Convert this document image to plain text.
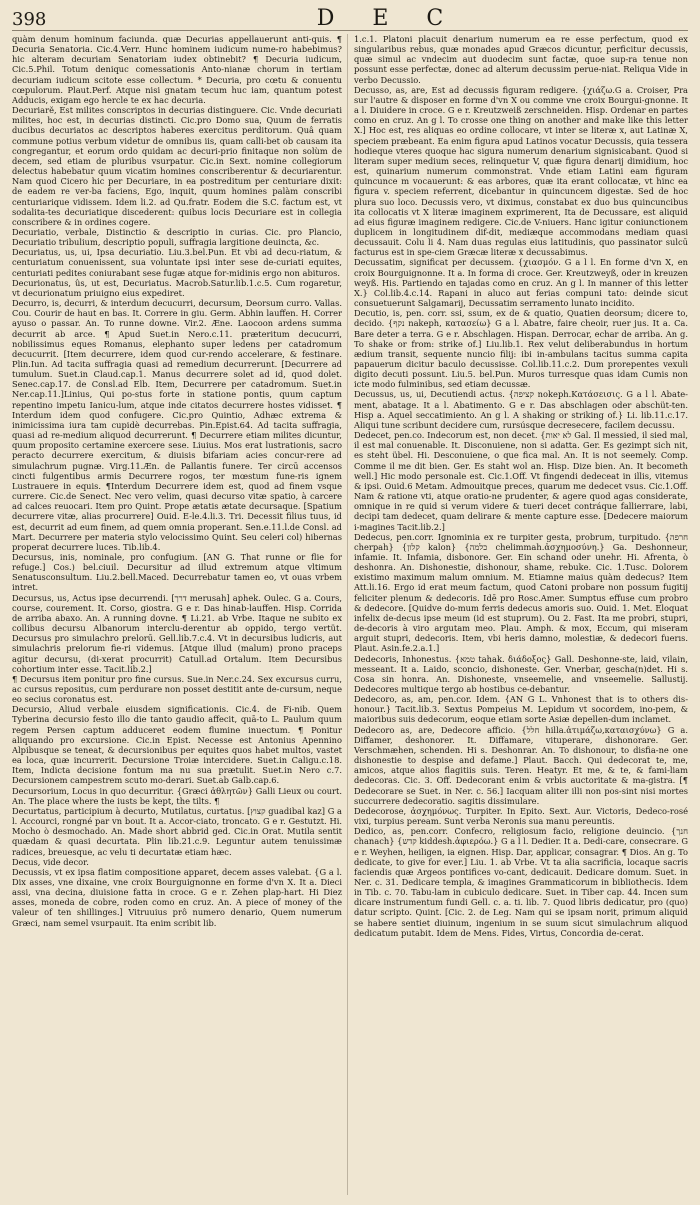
398	DEC

quàm denum hominum faciunda. quæ Decurias appellauerunt anti-quis. ¶ Decuria Senatoria. Cic.4.Verr. Hunc hominem iudicum nume-ro habebimus? hic alteram decuriam Senatoriam iudex obtinebit? ¶ Decuria iudicum, Cic.5.Phil. Totum deniquc comessationis Anto-nianæ chorum in tertiam decuriam iudicum scitote esse collectum. * Decuria, pro cœtu & conuentu cœpulorum. Plaut.Perf. Atque nisi gnatam tecum huc iam, quantum potest Adducis, exigam ego hercle te ex hac decuria.

Decuriarĕ, Est milites conscriptos in decurias distinguere. Cic. Vnde decuriati milites, hoc est, in decurias distincti. Cic.pro Domo sua, Quum de ferratis ducibus decuriatos ac descriptos haberes exercitus perditorum. Quâ quam commune potius verbum videtur de omnibus iis, quam calli-bet ob causam ita congregantur, et eorum ordo quidam ac decuri-prio finitaque non solùm de decem, sed etiam de pluribus vsurpatur. Cic.in Sext. nomine collegiorum delectus habebatur quum vicatim homines conscriberentur & decuriarentur. Nam quod Cicero hic per Decuriare, in ea postreditum per centuriare dixit: de eadem re ver-ba faciens, Ego, inquit, quum homines palàm conscribi centuriarique vidissem. Idem li.2. ad Qu.fratr. Eodem die S.C. factum est, vt sodalita-tes decuriatique discederent: quibus locis Decuriare est in collegia conscribere & in ordines cogere.

Decuriatio, verbale, Distinctio & descriptio in curias. Cic. pro Plancio, Decuriatio tribulium, descriptio populi, suffragia largitione deuincta, &c.

Decuriatus, us, ui, Ipsa decuriatio. Liu.3.bel.Pun. Et vbi ad decu-riatum, & centuriatum conuenissent, sua voluntate ipsi inter sese de-curiati equites, centuriati pedites coniurabant sese fugæ atque for-midinis ergo non abituros.

Decurionatus, ûs, ut est, Decuriatus. Macrob.Satur.lib.1.c.5. Cum rogaretur, vt decurionatum priuigno eius expediret.

Decurro, is, decurri, & interdum decucurri, decursum, Deorsum curro. Vallas. Cou. Courir de haut en bas. It. Correre in giu. Germ. Abhin lauffen. H. Correr ayuso o passar. An. To runne downe. Vir.2. Æne. Laocoon ardens summa decurrit ab arce. ¶ Apud Suet.in Nero.c.11. præteritum decucurri, nobilissimus eques Romanus, elephanto super ledens per catadromum decucurrit. [Item decurrere, idem quod cur-rendo accelerare, & festinare. Plin.Iun. Ad tacita suffragia quasi ad remedium decurrerunt. [Decurrere ad tumulum. Suet.in Claud.cap.1. Manus decurrere solet ad id, quod dolet. Senec.cap.17. de Consl.ad Elb. Item, Decurrere per catadromum. Suet.in Ner.cap.11.]Linius, Qui po-stus forte in statione pontis, quum captum repentino impetu Ianicu-lum, atque inde citatos decurrere hostes vidisset. ¶ Interdum idem quod confugere. Cic.pro Quintio, Adhæc extrema & inimicissima iura tam cupidè decurrebas. Pin.Epist.64. Ad tacita suffragia, quasi ad re-medium aliquod decurrerunt. ¶ Decurrere etiam milites dicuntur, quum proposito certamine exercere sese. Liuius. Mos erat lustrationis, sacro peracto decurrere exercitum, & diuisis bifariam acies concur-rere ad simulachrum pugnæ. Virg.11.Æn. de Pallantis funere. Ter circū accensos cincti fulgentibus armis Decurrere rogos, ter mœstum fune-ris ignem Lustrauere in equis. ¶Interdum Decurrere idem est, quod ad finem vsque currere. Cic.de Senect. Nec vero velim, quasi decurso vitæ spatio, à carcere ad calces reuocari. Item pro Quint. Prope ætatis ætate decursaque. [Spatium decurrere vitæ, alias procurrere] Ouid. E-le.4.li.3. Tri. Decessit filius tuus, id est, decurrit ad eum finem, ad quem omnia properant. Sen.e.11.l.de Consl. ad Mart. Decurrere per materia stylo velocissimo Quint. Seu celeri col) hibernas properat decurrere luces. Tib.lib.4.

Decursus, inis, nominale, pro confugium. [AN G. That runne or flie for refuge.] Cos.) bel.ciuil. Decursitur ad illud extremum atque vltimum Senatusconsultum. Liu.2.bell.Maced. Decurrebatur tamen eo, vt ouas vrbem intret.

Decursus, us, Actus ipse decurrendi. [דרך merusah] aphek. Oulec. G a. Cours, course, courement. It. Corso, giostra. G e r. Das hinab-lauffen. Hisp. Corrida de arriba abaxo. An. A running dovne. ¶ Li.21. ab Vrbe. Itaque ne subito ex collibus decursu Albanorum interclu-derentur ab oppido, tergo vertüt. Decursus pro simulachro prelorū. Gell.lib.7.c.4. Vt in decursibus ludicris, aut simulachris prelorum fie-ri videmus. [Atque illud (malum) prono praceps agitur decursu, (di-xerat procurrit) Catull.ad Ortalum. Item Decursibus cohortium inter esse. Tacit.lib.2.]

¶ Decursus item ponitur pro fine cursus. Sue.in Ner.c.24. Sex excursus curru, ac cursus repositus, cum perdurare non posset destitit ante de-cursum, neque eo secius coronatus est.

Decursio, Aliud verbale eiusdem significationis. Cic.4. de Fi-nib. Quem Tyberina decursio festo illo die tanto gaudio affecit, quā-to L. Paulum quum regem Persen captum adduceret eodem flumine inuectum. ¶ Ponitur aliquando pro excursione. Cic.in Epist. Necesse est Antonius Apennino Alpibusque se teneat, & decursionibus per equites quos habet multos, vastet ea loca, quæ incurrerit. Decursione Troiæ intercidere. Suet.in Caligu.c.18. Item, Indicta decisione fontum ma nu sua prætulit. Suet.in Nero c.7. Decursionem campestrem scuto mo-derari. Suet.ab Galb.cap.6.

Decursorium, Locus in quo decurritur. {Græci ἀθλητῶν} Galli Lieux ou court. An. The place where the iusts be kept, the tilts. ¶

Decurtatus, participium à decurto, Mutilatus, curtatus. [קצוץ guadibal kaz] G a l. Accourci, rongné par vn bout. It a. Accor-ciato, troncato. G e r. Gestutzt. Hi. Mocho ò desmochado. An. Made short abbrid ged. Cic.in Orat. Mutila sentit quædam & quasi decurtata. Plin lib.21.c.9. Leguntur autem tenuissimæ radices, breuesque, ac velu ti decurtatæ etiam hæc.

Decus, vide decor.

Decussis, vt ex ipsa flatim compositione apparet, decem asses valebat. {G a l. Dix asses, vne dixaine, vne croix Bourguignonne en forme d'vn X. It a. Dieci assi, vna decina, diuisione fatta in croce. G e r. Zehen plap-hart. Hi Diez asses, moneda de cobre, roden como en cruz. An. A piece of money of the valeur of ten shillinges.] Vitruuius prô numero denario, Quem numerum Græci, nam semel vsurpauit. Ita enim scribit lib.

1.c.1. Platoni placuit denarium numerum ea re esse perfectum, quod ex singularibus rebus, quæ monades apud Græcos dicuntur, perficitur decussis, quæ simul ac vndecim aut duodecim sunt factæ, quoe sup-ra tenue non possunt esse perfectæ, donec ad alterum decussim perue-niat. Reliqua Vide in verbo Decussio.

Decusso, as, are, Est ad decussis figuram redigere. {χιάζω.G a. Croiser, Pra sur l'autre & disposer en forme d'vn X ou comme vne croix Bourgui-gnonne. It a l. Diuidere in croce. G e r. Kreutzweiß zerschneiden. Hisp. Ordenar en partes como en cruz. An g l. To crosse one thing on another and make like this letter X.] Hoc est, res aliquas eo ordine collocare, vt inter se literæ x, aut Latinæ X, speciem præbeant. Ea enim figura apud Latinos vocatur Decussis, quia tessera hodieque vteres quoque hac sigura numerum denarium signisicabant. Quod si literam super medium seces, relinquetur V, quæ figura denarij dimidium, hoc est, quinarium numerum commonstrat. Vnde etiam Latini eam figuram quincunce m vocauerunt: & eas arbores, quæ ita erant collocatæ, vt hinc ea figura v. speciem referrent, dicebantur in quincuncem digestæ. Sed de hoc plura suo loco. Decussis vero, vt diximus, constabat ex duo bus quincuncibus ita collocatis vt X literæ imaginem exprimerent, Ita de Decussare, est aliquid ad eius figuræ imaginem redigere. Cic.de V-niuers. Hanc igitur coniunctionem duplicem in longitudinem dif-dit, mediæque accommodans mediam quasi decussauit. Colu li 4. Nam duas regulas eius latitudinis, quo passinator sulcū facturus est in spe-ciem Græcæ literæ x decussabimus.

Decussatim, significat per decussem. {χιασμόν. G a l l. En forme d'vn X, en croix Bourguignonne. It a. In forma di croce. Ger. Kreutzweyß, oder in kreuzen weyß. His. Partiendo en tajadas como en cruz. An g l. In manner of this letter X.} Col.lib.4.c.14. Rapani in aluco aut ferias compuni tato: deinde sicut consuetuerunt Salgamarij, Decussatim serramento lunato incidito.

Decutio, is, pen. corr. ssi, ssum, ex de & quatio, Quatien deorsum; dicere to, decido. {נקף nakeph, κατασείω} G a l. Abatre, faire cheoir, ruer jus. It a. Ca. Bare deter a terra. G e r. Abschlagen. Hispan. Derrocar, echar de arriba. An g. To shake or from: strike of.] Liu.lib.1. Rex velut deliberabundus in hortum ædium transit, sequente nuncio filij: ibi in-ambulans tacitus summa capita papauerum dicitur baculo decussisse. Col.lib.11.c.2. Dum prorepentes vexuli digito decuti possunt. Liu.5. bel.Pun. Muros turresque quas idam Cumis non icte modo fulminibus, sed etiam decussæ.

Decussus, us, ui, Decutiendi actus. {קציפה nokeph.Κατάσεισις. G a l l. Abate-ment, abatage. It a l. Abatimento. G e r. Das abschlagen oder abschüt-ten. Hisp a. Aquel seccatimiento. An g l. A shaking or striking of.} Li. lib.11.c.17. Aliqui tune scribunt decidere cum, rursúsque decresecere, facilem decussu.

Dedecet, pen.co. Indecorum est, non decet. {לא יאות Gal. Il messied, il sied mal, il est mal conuenable. It. Disconuiene, non si adatta. Ger. Es gezimpt sich nit, es steht übel. Hi. Desconuiene, o que fica mal. An. It is not seemely. Comp. Comme il me dit bien. Ger. Es staht wol an. Hisp. Dize bien. An. It becometh well.] Hic modo personale est. Cic.1.Off. Vt fingendi dedeceat in illis, vitemus & ipsi. Ouid.6 Metam. Admouitque preces, quarum me dedecet vsus. Cic.1.Off. Nam & ratione vti, atque oratio-ne prudenter, & agere quod agas considerate, omnique in re quid si verum videre & tueri decet contráque fallierrare, labi, decipi tam dedecet, quam delirare & mente capture esse. [Dedecere maiorum i-magines Tacit.lib.2.]

Dedecus, pen.corr. Ignominia ex re turpiter gesta, probrum, turpitudo. {חרפה cherpah} {קלון kalon} {כלמה chelimmah.ἀσχημοσύνη.} Ga. Deshonneur, infamie. It. Infamia, disbonore. Ger. Ein schand oder unehr. Hi. Afrenta, ò deshonra. An. Dishonestie, dishonour, shame, rebuke. Cic. 1.Tusc. Dolorem existimo maximum malum omnium. M. Etiamne maius quàm dedecus? Item Att.li.16. Ergo id erat meum factum, quod Catoni probare non possum fugitij feliciter plenum & dedecoris. Idē pro Rosc.Amer. Sumptus effuse cum probro & dedecore. [Quidve do-mum ferris dedecus amoris suo. Ouid. 1. Met. Eloquat infelix de-decus ipse meum (id est stuprum). Ou 2. Fast. Ita me probri, stupri, de-decoris à viro argutam meo. Plau. Amph. & mox, Eccum, qui miseram arguit stupri, dedecoris. Item, vbi heris damno, molestiæ, & dedecori fuerıs. Plaut. Asin.fe.2.a.1.]

Dedecoris, Inhonestus. {טמא tahak. διάδοξος} Gall. Deshonne-ste, laid, vilain, messeant. It a. Laido, sconcio, dishoneste. Ger. Vnerbar, gescha(n)det. Hi s. Cosa sin honra. An. Dishoneste, vnseemelie, and vnseemelie. Sallustij. Dedecores multique tergo ab hostibus ce-debantur.

Dedecoro, as, am, pen.cor. Idem. {AN G L. Vnhonest that is to others dis-honour.} Tacit.lib.3. Sextus Pompeius M. Lepidum vt socordem, ino-pem, & maioribus suis dedecorum, eoque etiam sorte Asiæ depellen-dum inclamet.

Dedecoro as, are, Dedecore afficio. {חלל hilla.ἀτιμάζω,καταισχύνω} G a. Diffamer, deshonorer. It. Diffamare, vituperare, dishonorare. Ger. Verschmæhen, schenden. Hi s. Deshonrar. An. To dishonour, to disfia-ne one dishonestie to despise and defame.] Plaut. Bacch. Qui dedecorat te, me, amicos, atque alios flagitiis suis. Teren. Heatyr. Et me, & te, & fami-liam dedecoras. Cic. 3. Off. Dedecorant enim & vrbis auctoritate & ma-gistra. [¶ Dedecorare se Suet. in Ner. c. 56.] Iacquam aliter illi non pos-sint nisi mortes succurrere dedecoratio. sagitis dissimulare.

Dedecorose, ἀσχημόνως. Turpiter. In Epito. Sext. Aur. Victoris, Dedeco-rosé vixi, turpius peream. Sunt verba Neronis sua manu pereuntis.

Dedico, as, pen.corr. Confecro, religiosum facio, religione deuincio. {חנך chanach} {קדש kiddesh.ἀφιερόω.} G a l l. Dedier. It a. Dedi-care, consecrare. G e r. Weyhen, heiligen, ia eignen. Hisp. Dar, applicar, consagrar. ¶ Dios. An g. To dedicate, to give for ever.] Liu. 1. ab Vrbe. Vt ta alia sacrificia, locaque sacris faciendis quæ Argeos pontifices vo-cant, dedicauit. Dedicare domum. Suet. in Ner. c. 31. Dedicare templa, & imagines Grammaticorum in bibliothecis. Idem in Tib. c. 70. Tabu-lam in cubiculo dedicare. Suet. in Tiber cap. 44. Incen sum dicare instrumentum fundi Gell. c. a. ti. lib. 7. Quod libris dedicatur, pro (quo) datur scripto. Quint. [Cic. 2. de Leg. Nam qui se ipsam norit, primum aliquid se habere sentiet diuinum, ingenium in se suum sicut simulachrum aliquod dedicatum putabit. Idem de Mens. Fides, Virtus, Concordia de-cerat.
